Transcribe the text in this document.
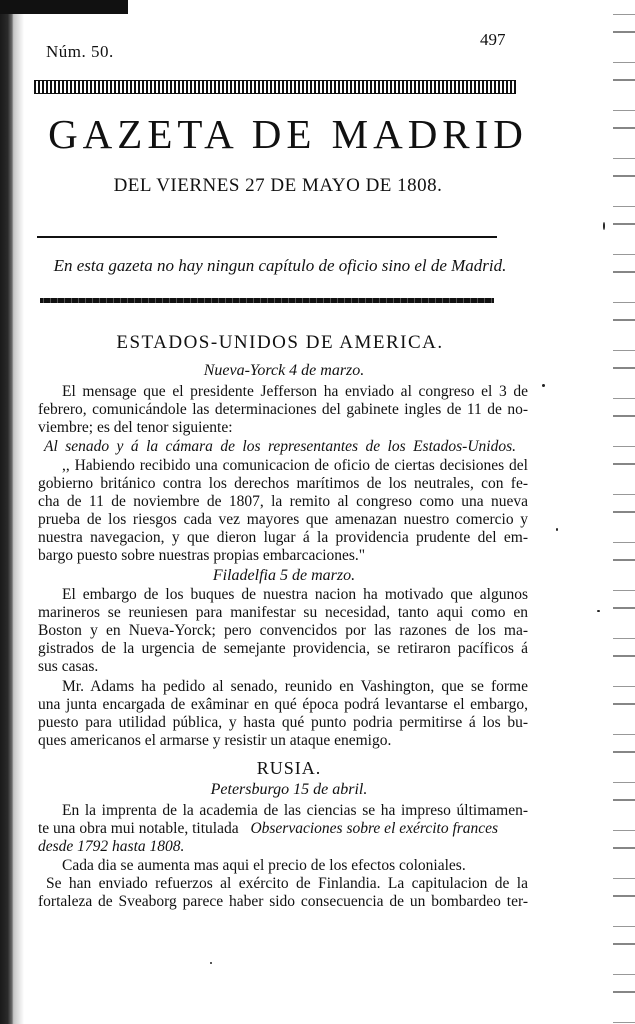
Núm. 50.
497
GAZETA DE MADRID
DEL VIERNES 27 DE MAYO DE 1808.
En esta gazeta no hay ningun capítulo de oficio sino el de Madrid.
ESTADOS-UNIDOS DE AMERICA.
Nueva-Yorck 4 de marzo.
El mensage que el presidente Jefferson ha enviado al congreso el 3 de
febrero, comunicándole las determinaciones del gabinete ingles de 11 de no-
viembre; es del tenor siguiente:
Al senado y á la cámara de los representantes de los Estados-Unidos.
,, Habiendo recibido una comunicacion de oficio de ciertas decisiones del
gobierno británico contra los derechos marítimos de los neutrales, con fe-
cha de 11 de noviembre de 1807, la remito al congreso como una nueva
prueba de los riesgos cada vez mayores que amenazan nuestro comercio y
nuestra navegacion, y que dieron lugar á la providencia prudente del em-
bargo puesto sobre nuestras propias embarcaciones."
Filadelfia 5 de marzo.
El embargo de los buques de nuestra nacion ha motivado que algunos
marineros se reuniesen para manifestar su necesidad, tanto aqui como en
Boston y en Nueva-Yorck; pero convencidos por las razones de los ma-
gistrados de la urgencia de semejante providencia, se retiraron pacíficos á
sus casas.
Mr. Adams ha pedido al senado, reunido en Vashington, que se forme
una junta encargada de exâminar en qué época podrá levantarse el embargo,
puesto para utilidad pública, y hasta qué punto podria permitirse á los bu-
ques americanos el armarse y resistir un ataque enemigo.
RUSIA.
Petersburgo 15 de abril.
En la imprenta de la academia de las ciencias se ha impreso últimamen-
te una obra mui notable, titulada Observaciones sobre el exército frances
desde 1792 hasta 1808.
Cada dia se aumenta mas aqui el precio de los efectos coloniales.
Se han enviado refuerzos al exército de Finlandia. La capitulacion de la
fortaleza de Sveaborg parece haber sido consecuencia de un bombardeo ter-
